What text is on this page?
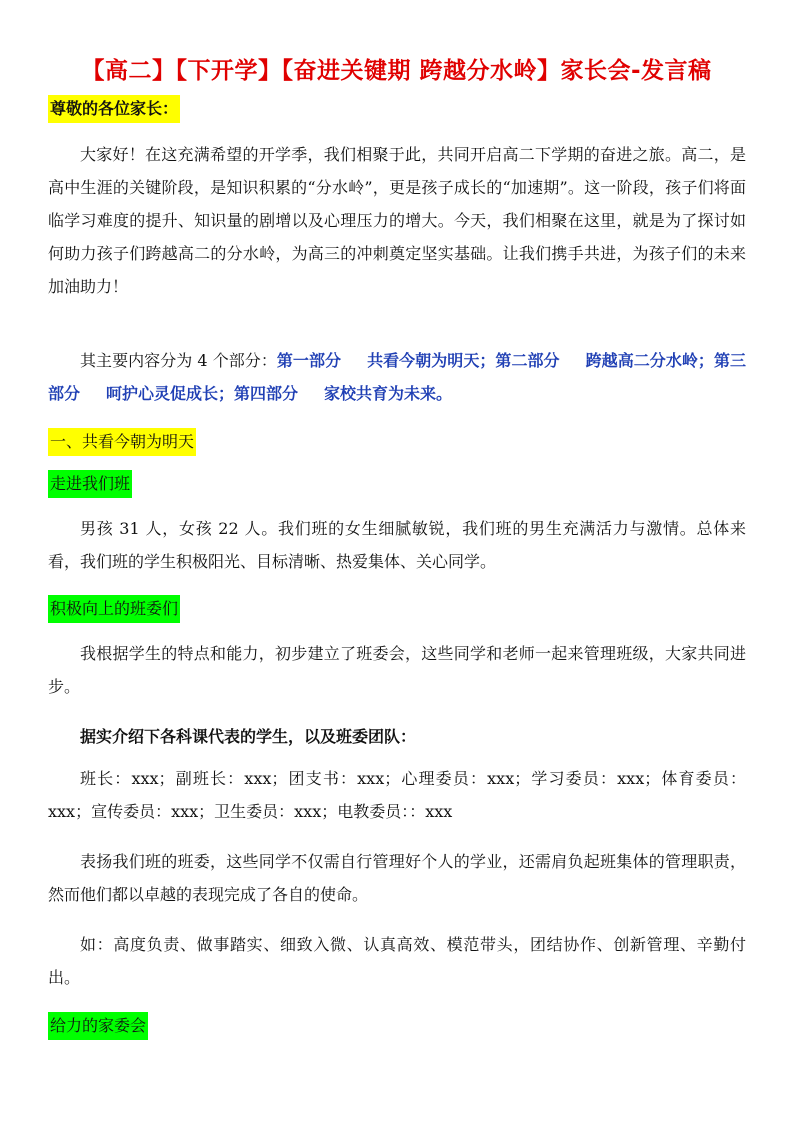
【高二】【下开学】【奋进关键期 跨越分水岭】家长会-发言稿
尊敬的各位家长：

大家好！在这充满希望的开学季，我们相聚于此，共同开启高二下学期的奋进之旅。高二，是高中生涯的关键阶段，是知识积累的“分水岭”，更是孩子成长的“加速期”。这一阶段，孩子们将面临学习难度的提升、知识量的剧增以及心理压力的增大。今天，我们相聚在这里，就是为了探讨如何助力孩子们跨越高二的分水岭，为高三的冲刺奠定坚实基础。让我们携手共进，为孩子们的未来加油助力！

其主要内容分为 4 个部分：第一部分 共看今朝为明天；第二部分 跨越高二分水岭；第三部分 呵护心灵促成长；第四部分 家校共育为未来。

一、共看今朝为明天
走进我们班

男孩 31 人，女孩 22 人。我们班的女生细腻敏锐，我们班的男生充满活力与激情。总体来看，我们班的学生积极阳光、目标清晰、热爱集体、关心同学。

积极向上的班委们

我根据学生的特点和能力，初步建立了班委会，这些同学和老师一起来管理班级，大家共同进步。

据实介绍下各科课代表的学生，以及班委团队：

班长：xxx；副班长：xxx；团支书：xxx；心理委员：xxx；学习委员：xxx；体育委员：xxx；宣传委员：xxx；卫生委员：xxx；电教委员：：xxx

表扬我们班的班委，这些同学不仅需自行管理好个人的学业，还需肩负起班集体的管理职责，然而他们都以卓越的表现完成了各自的使命。

如：高度负责、做事踏实、细致入微、认真高效、模范带头，团结协作、创新管理、辛勤付出。

给力的家委会
